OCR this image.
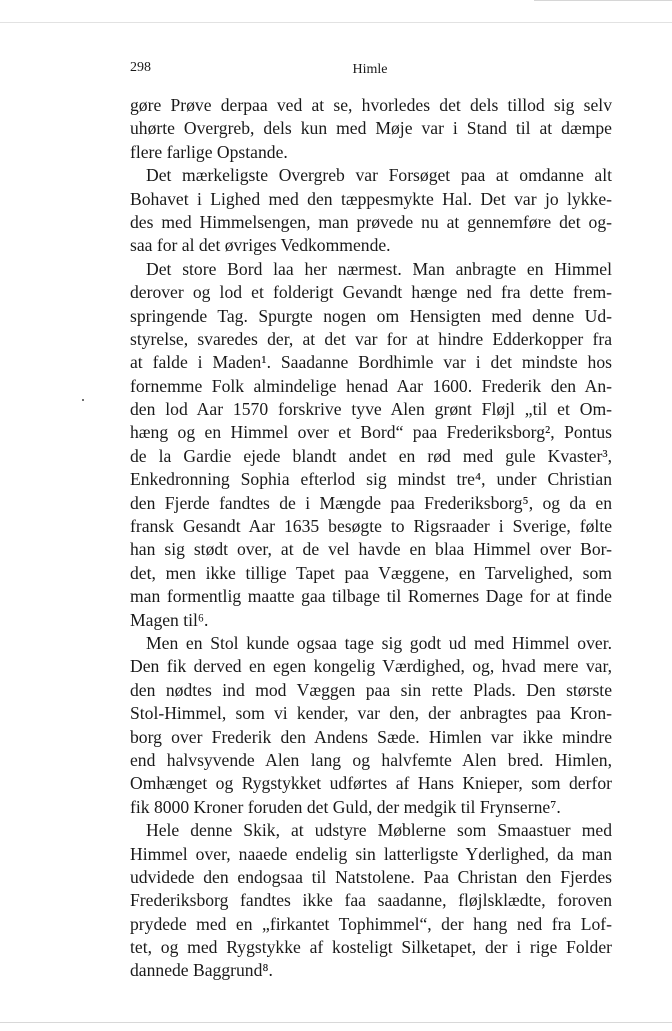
298	Himle
gøre Prøve derpaa ved at se, hvorledes det dels tillod sig selv
uhørte Overgreb, dels kun med Møje var i Stand til at dæmpe
flere farlige Opstande.
Det mærkeligste Overgreb var Forsøget paa at omdanne alt
Bohavet i Lighed med den tæppesmykte Hal. Det var jo lykke-
des med Himmelsengen, man prøvede nu at gennemføre det og-
saa for al det øvriges Vedkommende.
Det store Bord laa her nærmest. Man anbragte en Himmel
derover og lod et folderigt Gevandt hænge ned fra dette frem-
springende Tag. Spurgte nogen om Hensigten med denne Ud-
styrelse, svaredes der, at det var for at hindre Edderkopper fra
at falde i Maden¹. Saadanne Bordhimle var i det mindste hos
fornemme Folk almindelige henad Aar 1600. Frederik den An-
den lod Aar 1570 forskrive tyve Alen grønt Fløjl „til et Om-
hæng og en Himmel over et Bord“ paa Frederiksborg², Pontus
de la Gardie ejede blandt andet en rød med gule Kvaster³,
Enkedronning Sophia efterlod sig mindst tre⁴, under Christian
den Fjerde fandtes de i Mængde paa Frederiksborg⁵, og da en
fransk Gesandt Aar 1635 besøgte to Rigsraader i Sverige, følte
han sig stødt over, at de vel havde en blaa Himmel over Bor-
det, men ikke tillige Tapet paa Væggene, en Tarvelighed, som
man formentlig maatte gaa tilbage til Romernes Dage for at finde
Magen til⁶.
Men en Stol kunde ogsaa tage sig godt ud med Himmel over.
Den fik derved en egen kongelig Værdighed, og, hvad mere var,
den nødtes ind mod Væggen paa sin rette Plads. Den største
Stol-Himmel, som vi kender, var den, der anbragtes paa Kron-
borg over Frederik den Andens Sæde. Himlen var ikke mindre
end halvsyvende Alen lang og halvfemte Alen bred. Himlen,
Omhænget og Rygstykket udførtes af Hans Knieper, som derfor
fik 8000 Kroner foruden det Guld, der medgik til Frynserne⁷.
Hele denne Skik, at udstyre Møblerne som Smaastuer med
Himmel over, naaede endelig sin latterligste Yderlighed, da man
udvidede den endogsaa til Natstolene. Paa Christan den Fjerdes
Frederiksborg fandtes ikke faa saadanne, fløjlsklædte, foroven
prydede med en „firkantet Tophimmel“, der hang ned fra Lof-
tet, og med Rygstykke af kosteligt Silketapet, der i rige Folder
dannede Baggrund⁸.
